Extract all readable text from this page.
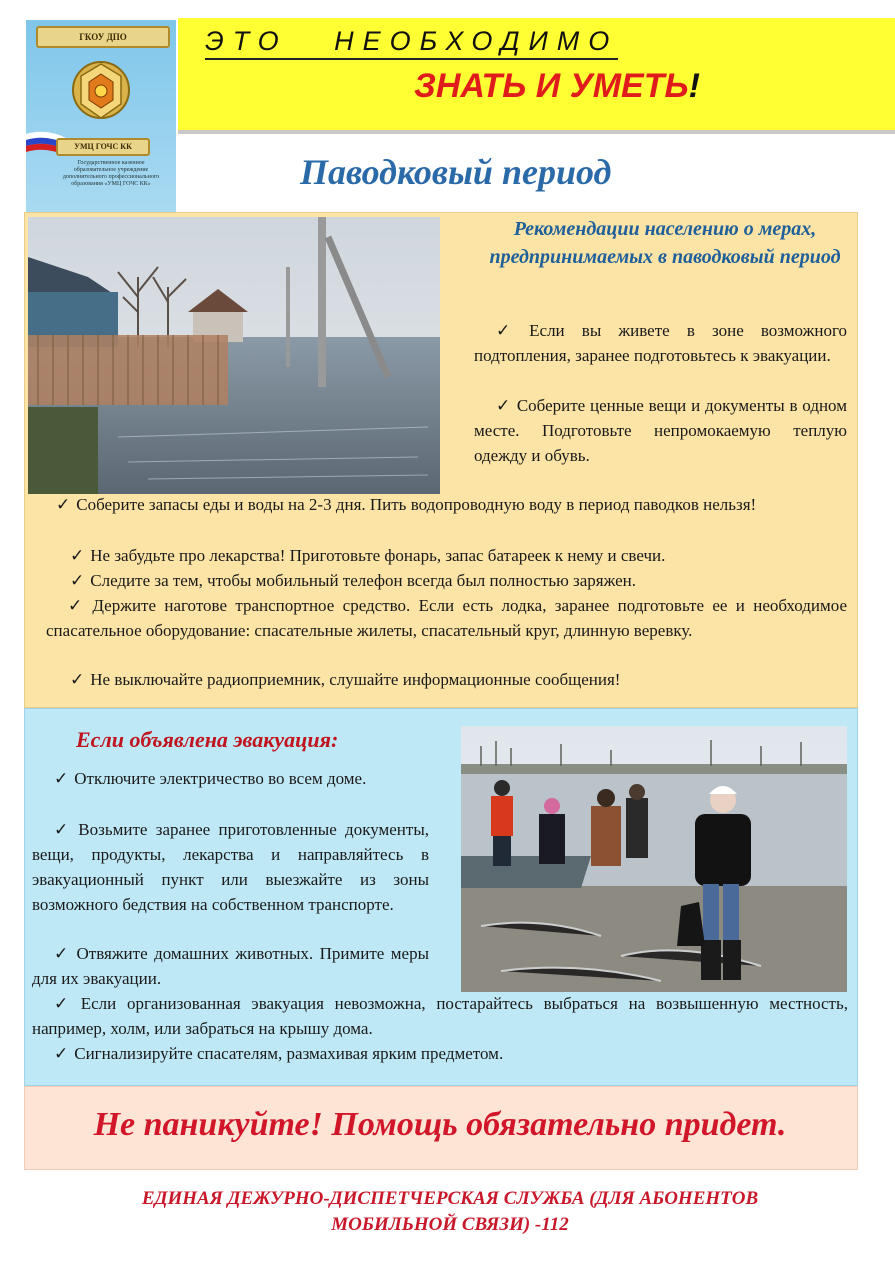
ГКОУ ДПО
УМЦ ГОЧС КК
Государственное казенное образовательное учреждение дополнительного профессионального образования «УМЦ ГОЧС КК»
ЭТО НЕОБХОДИМО
ЗНАТЬ И УМЕТЬ!
Паводковый период
Рекомендации населению о мерах, предпринимаемых в паводковый период
✓ Если вы живете в зоне возможного подтопления, заранее подготовьтесь к эвакуации.
✓ Соберите ценные вещи и документы в одном месте. Подготовьте непромокаемую теплую одежду и обувь.
✓ Соберите запасы еды и воды на 2-3 дня. Пить водопроводную воду в период паводков нельзя!
✓ Не забудьте про лекарства! Приготовьте фонарь, запас батареек к нему и свечи.
✓ Следите за тем, чтобы мобильный телефон всегда был полностью заряжен.
✓ Держите наготове транспортное средство. Если есть лодка, заранее подготовьте ее и необходимое спасательное оборудование: спасательные жилеты, спасательный круг, длинную веревку.
✓ Не выключайте радиоприемник, слушайте информационные сообщения!
Если объявлена эвакуация:
✓ Отключите электричество во всем доме.
✓ Возьмите заранее приготовленные документы, вещи, продукты, лекарства и направляйтесь в эвакуационный пункт или выезжайте из зоны возможного бедствия на собственном транспорте.
✓ Отвяжите домашних животных. Примите меры для их эвакуации.
✓ Если организованная эвакуация невозможна, постарайтесь выбраться на возвышенную местность, например, холм, или забраться на крышу дома.
✓ Сигнализируйте спасателям, размахивая ярким предметом.
Не паникуйте! Помощь обязательно придет.
ЕДИНАЯ ДЕЖУРНО-ДИСПЕТЧЕРСКАЯ СЛУЖБА (ДЛЯ АБОНЕНТОВ МОБИЛЬНОЙ СВЯЗИ) -112
